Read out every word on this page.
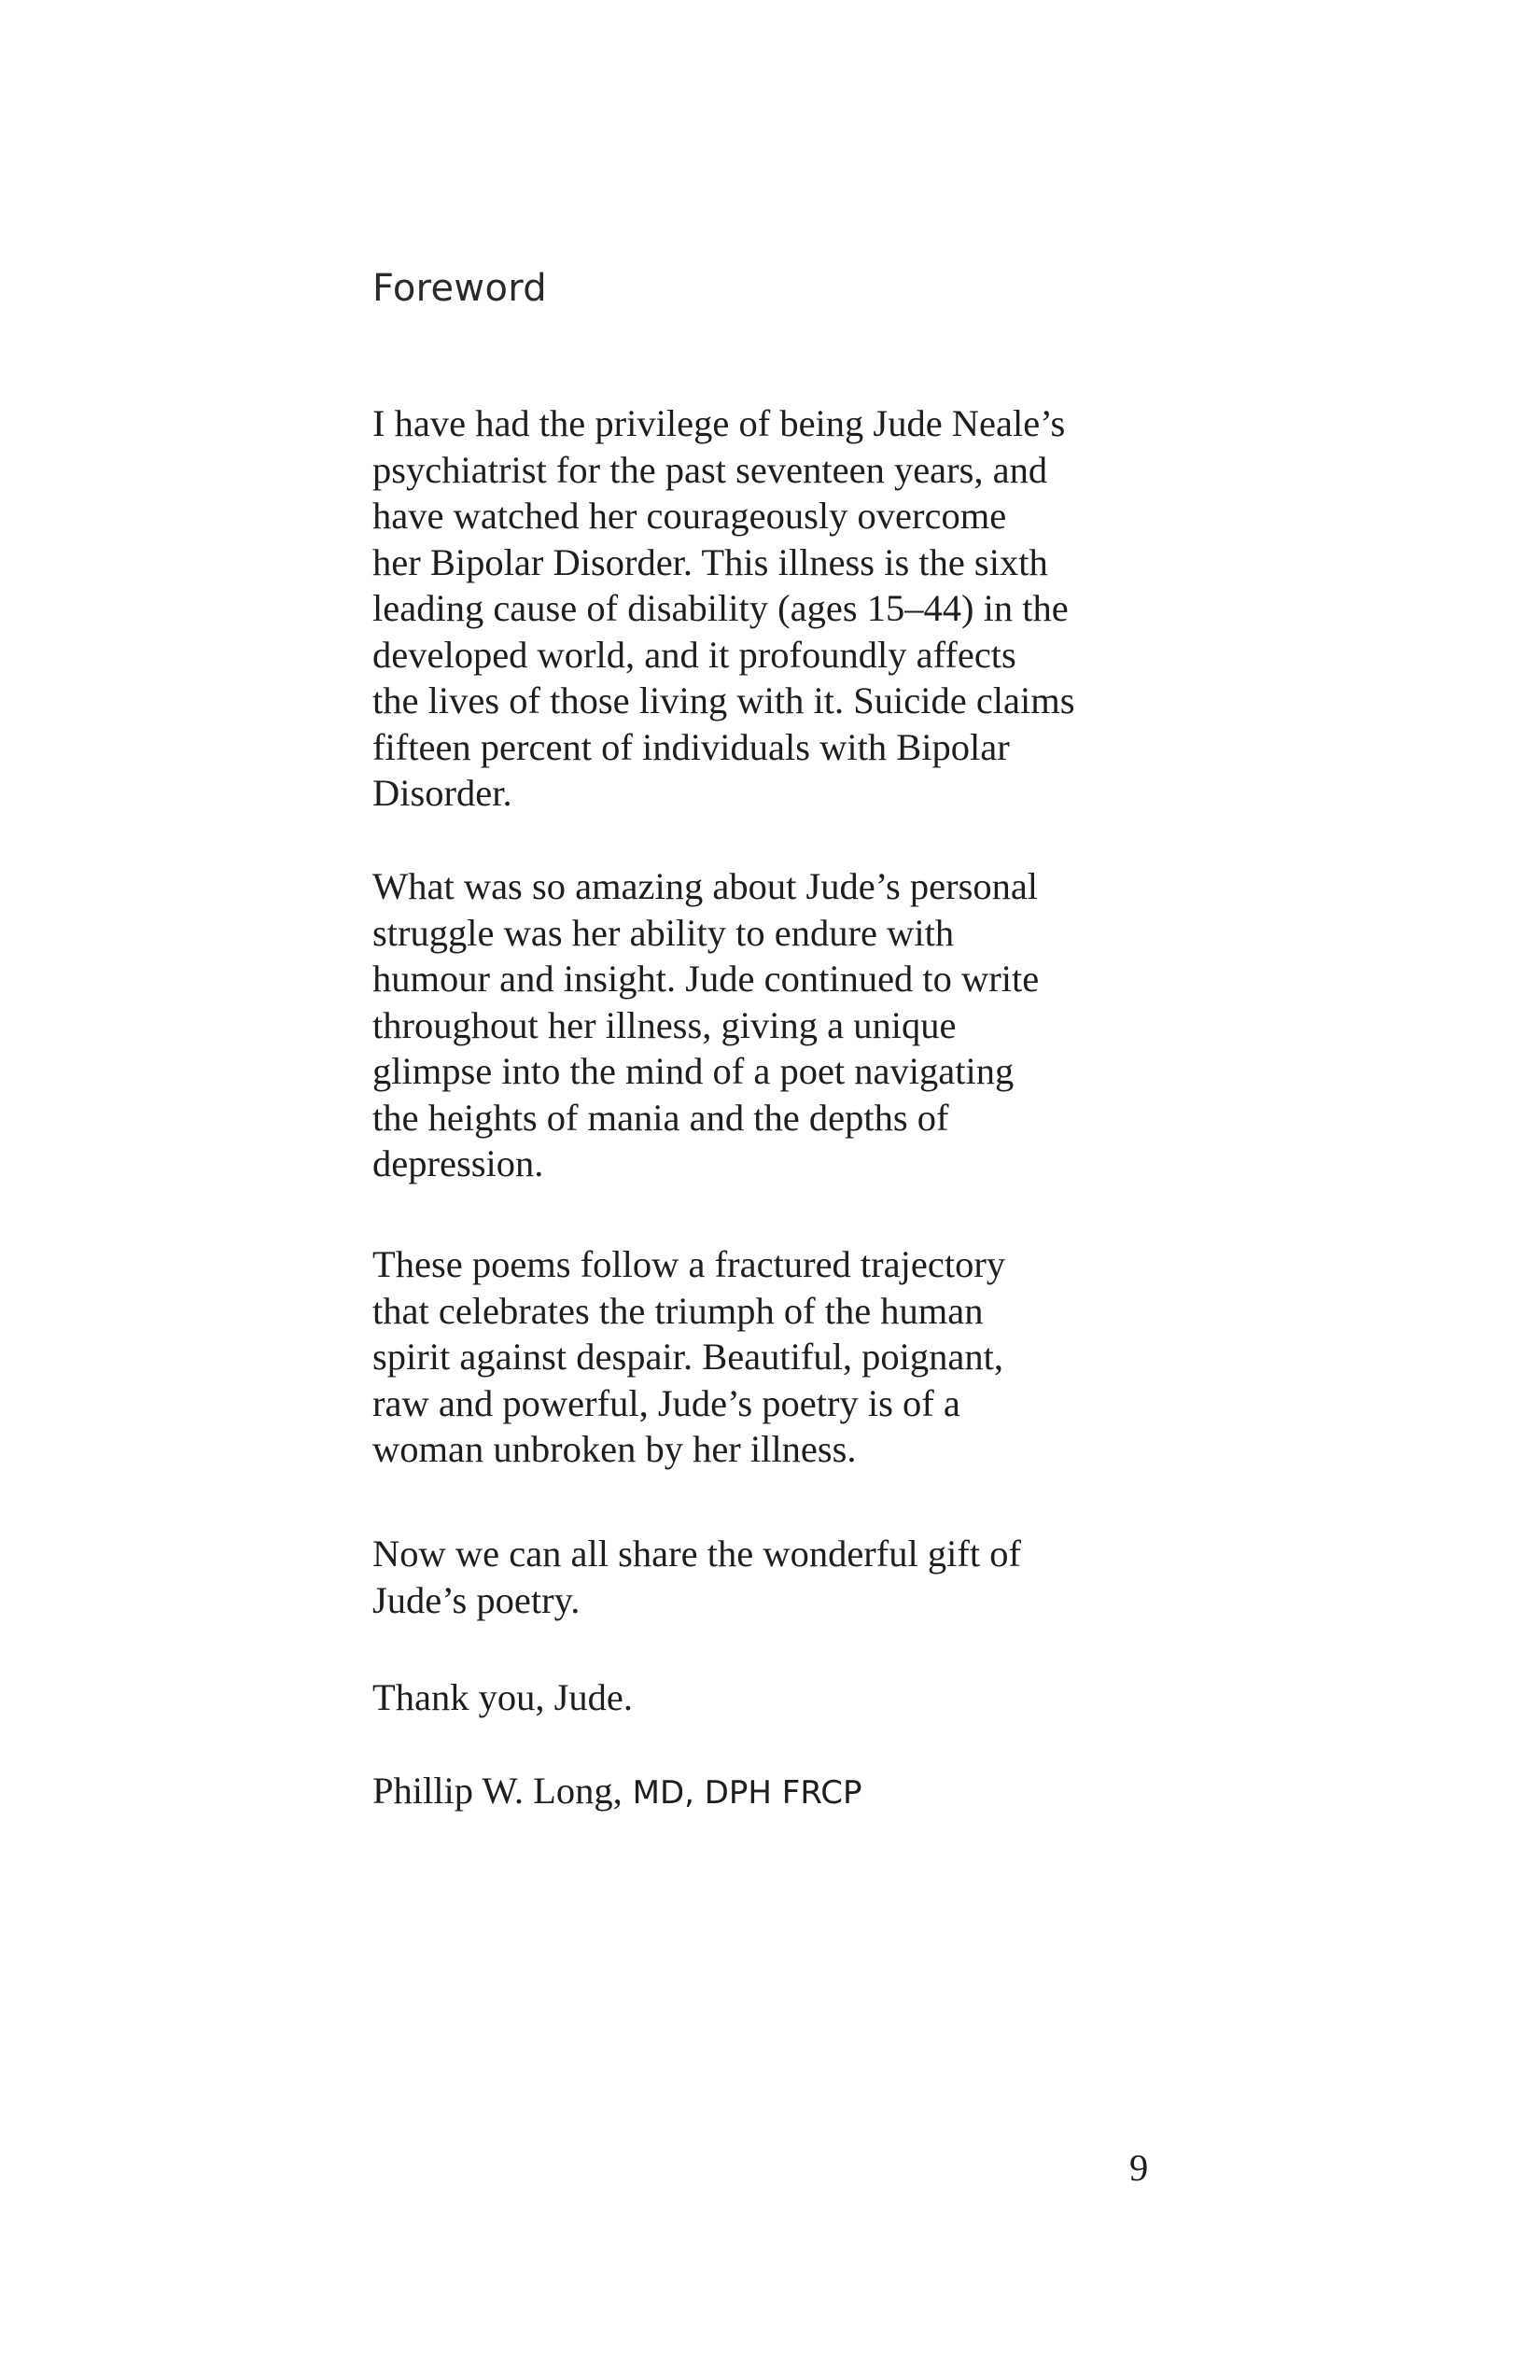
Foreword

I have had the privilege of being Jude Neale’s
psychiatrist for the past seventeen years, and
have watched her courageously overcome
her Bipolar Disorder. This illness is the sixth
leading cause of disability (ages 15–44) in the
developed world, and it profoundly affects
the lives of those living with it. Suicide claims
fifteen percent of individuals with Bipolar
Disorder.

What was so amazing about Jude’s personal
struggle was her ability to endure with
humour and insight. Jude continued to write
throughout her illness, giving a unique
glimpse into the mind of a poet navigating
the heights of mania and the depths of
depression.

These poems follow a fractured trajectory
that celebrates the triumph of the human
spirit against despair. Beautiful, poignant,
raw and powerful, Jude’s poetry is of a
woman unbroken by her illness.

Now we can all share the wonderful gift of
Jude’s poetry.

Thank you, Jude.

Phillip W. Long, MD, DPH FRCP

9
